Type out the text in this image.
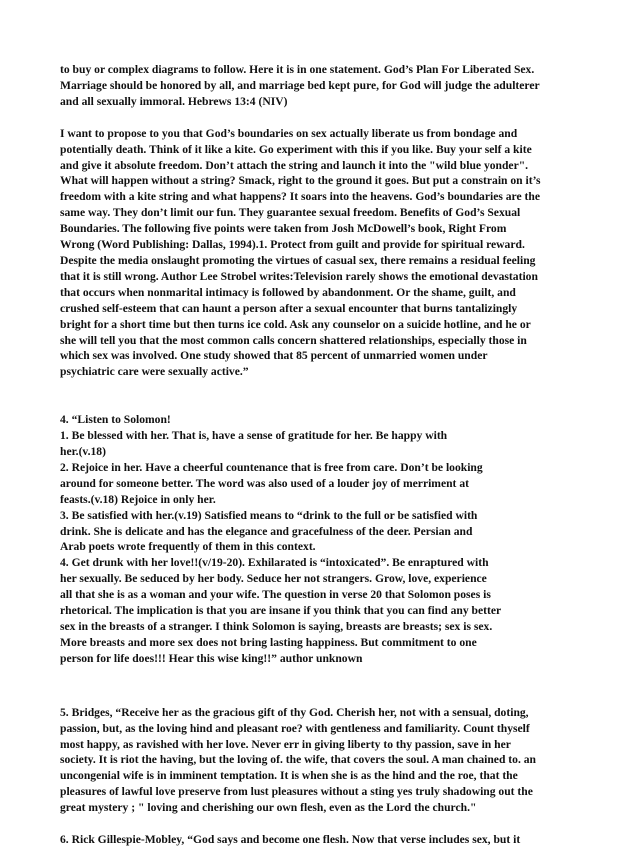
to buy or complex diagrams to follow. Here it is in one statement. God’s Plan For Liberated Sex.
Marriage should be honored by all, and marriage bed kept pure, for God will judge the adulterer
and all sexually immoral. Hebrews 13:4 (NIV)
I want to propose to you that God’s boundaries on sex actually liberate us from bondage and
potentially death. Think of it like a kite. Go experiment with this if you like. Buy your self a kite
and give it absolute freedom. Don’t attach the string and launch it into the "wild blue yonder".
What will happen without a string? Smack, right to the ground it goes. But put a constrain on it’s
freedom with a kite string and what happens? It soars into the heavens. God’s boundaries are the
same way. They don’t limit our fun. They guarantee sexual freedom. Benefits of God’s Sexual
Boundaries. The following five points were taken from Josh McDowell’s book, Right From
Wrong (Word Publishing: Dallas, 1994).1. Protect from guilt and provide for spiritual reward.
Despite the media onslaught promoting the virtues of casual sex, there remains a residual feeling
that it is still wrong. Author Lee Strobel writes:Television rarely shows the emotional devastation
that occurs when nonmarital intimacy is followed by abandonment. Or the shame, guilt, and
crushed self-esteem that can haunt a person after a sexual encounter that burns tantalizingly
bright for a short time but then turns ice cold. Ask any counselor on a suicide hotline, and he or
she will tell you that the most common calls concern shattered relationships, especially those in
which sex was involved. One study showed that 85 percent of unmarried women under
psychiatric care were sexually active.”
4. “Listen to Solomon!
1. Be blessed with her. That is, have a sense of gratitude for her. Be happy with
her.(v.18)
2. Rejoice in her. Have a cheerful countenance that is free from care. Don’t be looking
around for someone better. The word was also used of a louder joy of merriment at
feasts.(v.18) Rejoice in only her.
3. Be satisfied with her.(v.19) Satisfied means to “drink to the full or be satisfied with
drink. She is delicate and has the elegance and gracefulness of the deer. Persian and
Arab poets wrote frequently of them in this context.
4. Get drunk with her love!!(v/19-20). Exhilarated is “intoxicated”. Be enraptured with
her sexually. Be seduced by her body. Seduce her not strangers. Grow, love, experience
all that she is as a woman and your wife. The question in verse 20 that Solomon poses is
rhetorical. The implication is that you are insane if you think that you can find any better
sex in the breasts of a stranger. I think Solomon is saying, breasts are breasts; sex is sex.
More breasts and more sex does not bring lasting happiness. But commitment to one
person for life does!!! Hear this wise king!!” author unknown
5. Bridges, “Receive her as the gracious gift of thy God. Cherish her, not with a sensual, doting,
passion, but, as the loving hind and pleasant roe? with gentleness and familiarity. Count thyself
most happy, as ravished with her love. Never err in giving liberty to thy passion, save in her
society. It is riot the having, but the loving of. the wife, that covers the soul. A man chained to. an
uncongenial wife is in imminent temptation. It is when she is as the hind and the roe, that the
pleasures of lawful love preserve from lust pleasures without a sting yes truly shadowing out the
great mystery ; " loving and cherishing our own flesh, even as the Lord the church."
6. Rick Gillespie-Mobley, “God says and become one flesh. Now that verse includes sex, but it
